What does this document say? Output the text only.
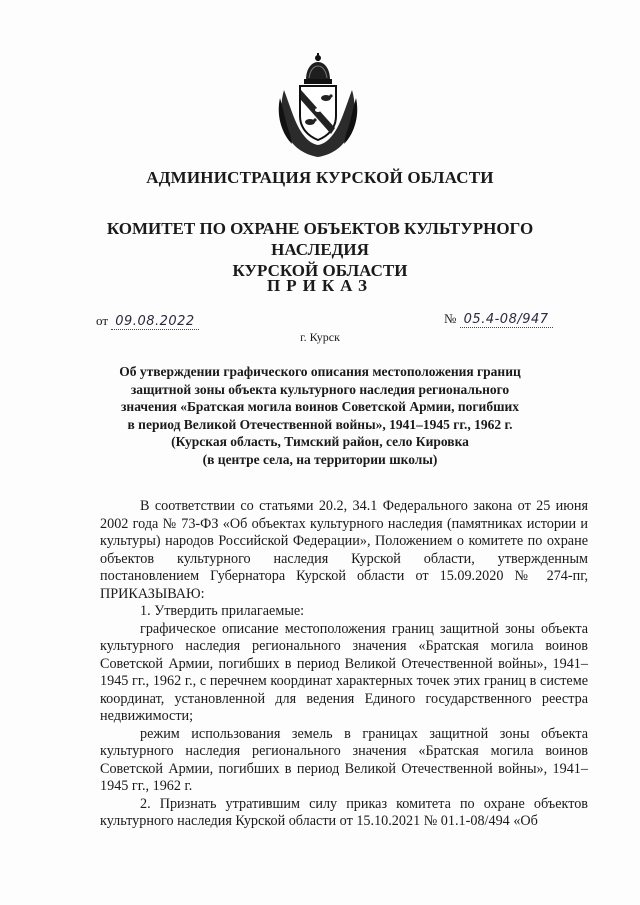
АДМИНИСТРАЦИЯ КУРСКОЙ ОБЛАСТИ
КОМИТЕТ ПО ОХРАНЕ ОБЪЕКТОВ КУЛЬТУРНОГО НАСЛЕДИЯ
КУРСКОЙ ОБЛАСТИ
ПРИКАЗ
от 09.08.2022	№ 05.4-08/947
г. Курск
Об утверждении графического описания местоположения границ
защитной зоны объекта культурного наследия регионального
значения «Братская могила воинов Советской Армии, погибших
в период Великой Отечественной войны», 1941–1945 гг., 1962 г.
(Курская область, Тимский район, село Кировка
(в центре села, на территории школы)

В соответствии со статьями 20.2, 34.1 Федерального закона от 25 июня 2002 года № 73-ФЗ «Об объектах культурного наследия (памятниках истории и культуры) народов Российской Федерации», Положением о комитете по охране объектов культурного наследия Курской области, утвержденным постановлением Губернатора Курской области от 15.09.2020 № 274-пг, ПРИКАЗЫВАЮ:

1. Утвердить прилагаемые:

графическое описание местоположения границ защитной зоны объекта культурного наследия регионального значения «Братская могила воинов Советской Армии, погибших в период Великой Отечественной войны», 1941–1945 гг., 1962 г., с перечнем координат характерных точек этих границ в системе координат, установленной для ведения Единого государственного реестра недвижимости;

режим использования земель в границах защитной зоны объекта культурного наследия регионального значения «Братская могила воинов Советской Армии, погибших в период Великой Отечественной войны», 1941–1945 гг., 1962 г.

2. Признать утратившим силу приказ комитета по охране объектов культурного наследия Курской области от 15.10.2021 № 01.1-08/494 «Об
